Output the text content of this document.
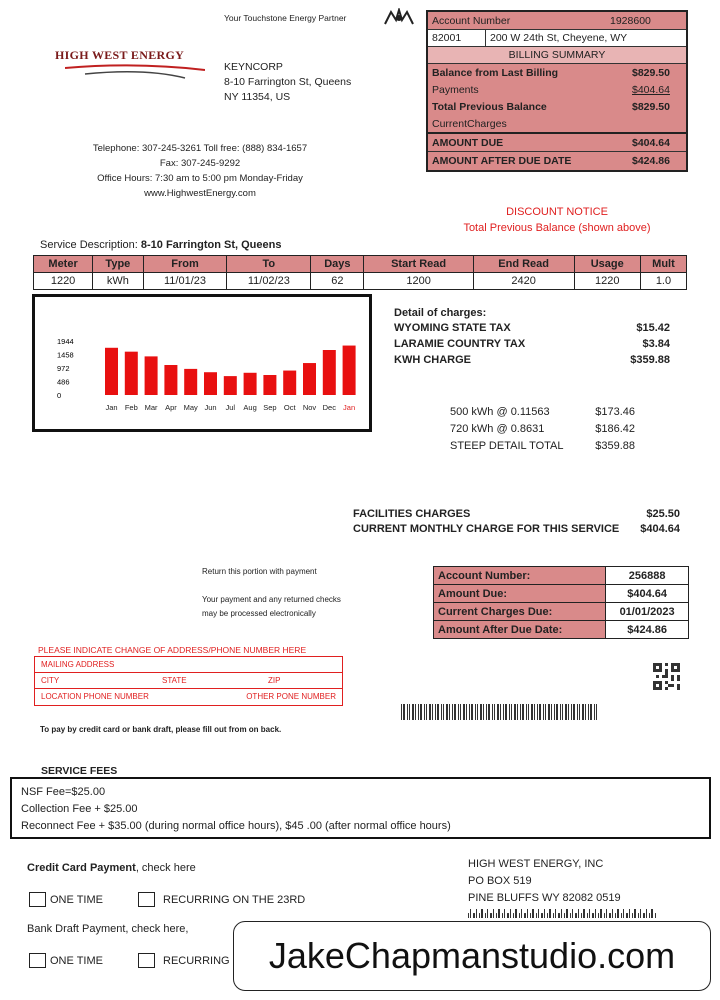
Your Touchstone Energy Partner
HIGH WEST ENERGY
KEYNCORP
8-10 Farrington St, Queens
NY 11354, US
Telephone: 307-245-3261 Toll free: (888) 834-1657
Fax: 307-245-9292
Office Hours: 7:30 am to 5:00 pm Monday-Friday
www.HighwestEnergy.com
Account Number	1928600
82001	200 W 24th St, Cheyene, WY
BILLING SUMMARY
Balance from Last Billing	$829.50
Payments	$404.64
Total Previous Balance	$829.50
CurrentCharges
AMOUNT DUE	$404.64
AMOUNT AFTER DUE DATE	$424.86
DISCOUNT NOTICE
Total Previous Balance (shown above)
Service Description: 8-10 Farrington St, Queens
Meter	Type	From	To	Days	Start Read	End Read	Usage	Mult
1220	kWh	11/01/23	11/02/23	62	1200	2420	1220	1.0
1944
1458
972
486
0
Jan Feb Mar Apr May Jun Jul Aug Sep Oct Nov Dec Jan
Detail of charges:
WYOMING STATE TAX	$15.42
LARAMIE COUNTRY TAX	$3.84
KWH CHARGE	$359.88
500 kWh @ 0.11563	$173.46
720 kWh @ 0.8631	$186.42
STEEP DETAIL TOTAL	$359.88
FACILITIES CHARGES	$25.50
CURRENT MONTHLY CHARGE FOR THIS SERVICE $404.64
Return this portion with payment
Your payment and any returned checks
may be processed electronically
Account Number:	256888
Amount Due:	$404.64
Current Charges Due:	01/01/2023
Amount After Due Date:	$424.86
PLEASE INDICATE CHANGE OF ADDRESS/PHONE NUMBER HERE
MAILING ADDRESS
CITY	STATE	ZIP
LOCATION PHONE NUMBER	OTHER PONE NUMBER
To pay by credit card or bank draft, please fill out from on back.
SERVICE FEES
NSF Fee=$25.00
Collection Fee + $25.00
Reconnect Fee + $35.00 (during normal office hours), $45 .00 (after normal office hours)
Credit Card Payment, check here
ONE TIME	RECURRING ON THE 23RD
Bank Draft Payment, check here,
ONE TIME	RECURRING
HIGH WEST ENERGY, INC
PO BOX 519
PINE BLUFFS WY 82082 0519
JakeChapmanstudio.com
